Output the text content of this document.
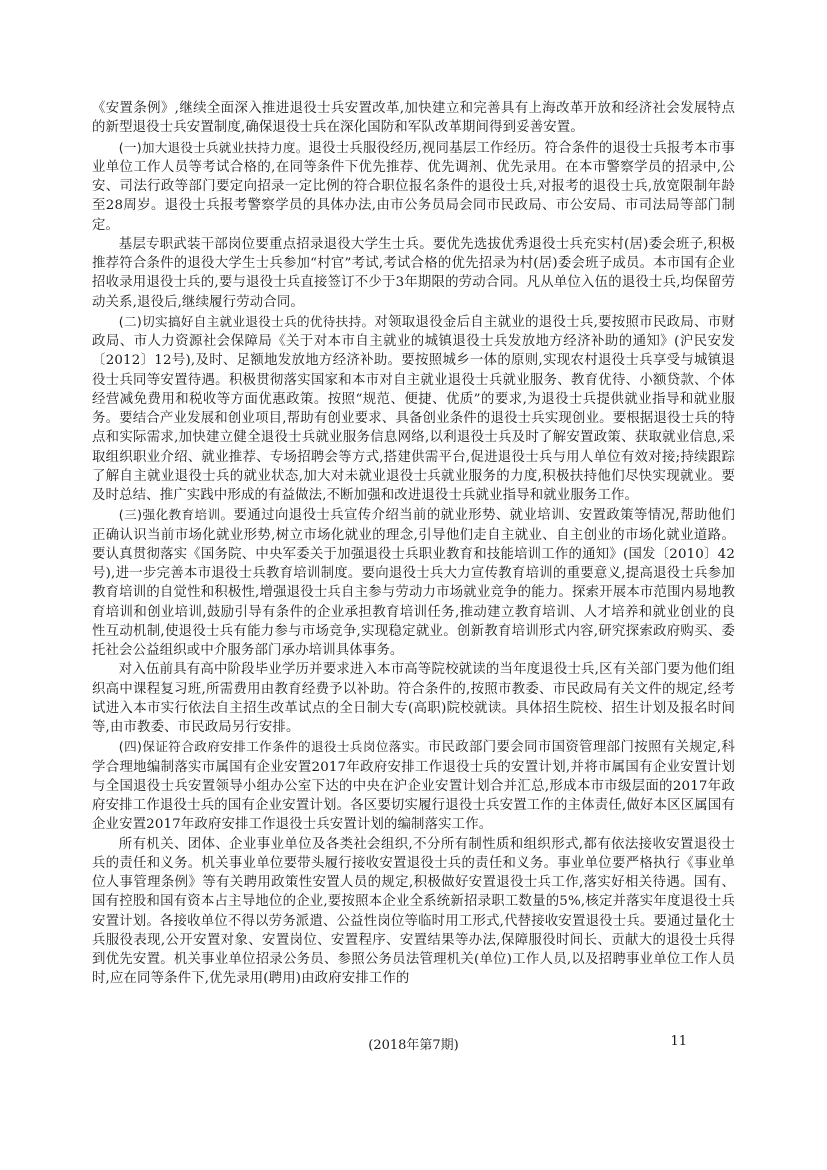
《安置条例》,继续全面深入推进退役士兵安置改革,加快建立和完善具有上海改革开放和经济社会发展特点的新型退役士兵安置制度,确保退役士兵在深化国防和军队改革期间得到妥善安置。

(一)加大退役士兵就业扶持力度。退役士兵服役经历,视同基层工作经历。符合条件的退役士兵报考本市事业单位工作人员等考试合格的,在同等条件下优先推荐、优先调剂、优先录用。在本市警察学员的招录中,公安、司法行政等部门要定向招录一定比例的符合职位报名条件的退役士兵,对报考的退役士兵,放宽限制年龄至28周岁。退役士兵报考警察学员的具体办法,由市公务员局会同市民政局、市公安局、市司法局等部门制定。

基层专职武装干部岗位要重点招录退役大学生士兵。要优先选拔优秀退役士兵充实村(居)委会班子,积极推荐符合条件的退役大学生士兵参加“村官”考试,考试合格的优先招录为村(居)委会班子成员。本市国有企业招收录用退役士兵的,要与退役士兵直接签订不少于3年期限的劳动合同。凡从单位入伍的退役士兵,均保留劳动关系,退役后,继续履行劳动合同。

(二)切实搞好自主就业退役士兵的优待扶持。对领取退役金后自主就业的退役士兵,要按照市民政局、市财政局、市人力资源社会保障局《关于对本市自主就业的城镇退役士兵发放地方经济补助的通知》(沪民安发〔2012〕12号),及时、足额地发放地方经济补助。要按照城乡一体的原则,实现农村退役士兵享受与城镇退役士兵同等安置待遇。积极贯彻落实国家和本市对自主就业退役士兵就业服务、教育优待、小额贷款、个体经营减免费用和税收等方面优惠政策。按照“规范、便捷、优质”的要求,为退役士兵提供就业指导和就业服务。要结合产业发展和创业项目,帮助有创业要求、具备创业条件的退役士兵实现创业。要根据退役士兵的特点和实际需求,加快建立健全退役士兵就业服务信息网络,以利退役士兵及时了解安置政策、获取就业信息,采取组织职业介绍、就业推荐、专场招聘会等方式,搭建供需平台,促进退役士兵与用人单位有效对接;持续跟踪了解自主就业退役士兵的就业状态,加大对未就业退役士兵就业服务的力度,积极扶持他们尽快实现就业。要及时总结、推广实践中形成的有益做法,不断加强和改进退役士兵就业指导和就业服务工作。

(三)强化教育培训。要通过向退役士兵宣传介绍当前的就业形势、就业培训、安置政策等情况,帮助他们正确认识当前市场化就业形势,树立市场化就业的理念,引导他们走自主就业、自主创业的市场化就业道路。要认真贯彻落实《国务院、中央军委关于加强退役士兵职业教育和技能培训工作的通知》(国发〔2010〕42号),进一步完善本市退役士兵教育培训制度。要向退役士兵大力宣传教育培训的重要意义,提高退役士兵参加教育培训的自觉性和积极性,增强退役士兵自主参与劳动力市场就业竞争的能力。探索开展本市范围内易地教育培训和创业培训,鼓励引导有条件的企业承担教育培训任务,推动建立教育培训、人才培养和就业创业的良性互动机制,使退役士兵有能力参与市场竞争,实现稳定就业。创新教育培训形式内容,研究探索政府购买、委托社会公益组织或中介服务部门承办培训具体事务。

对入伍前具有高中阶段毕业学历并要求进入本市高等院校就读的当年度退役士兵,区有关部门要为他们组织高中课程复习班,所需费用由教育经费予以补助。符合条件的,按照市教委、市民政局有关文件的规定,经考试进入本市实行依法自主招生改革试点的全日制大专(高职)院校就读。具体招生院校、招生计划及报名时间等,由市教委、市民政局另行安排。

(四)保证符合政府安排工作条件的退役士兵岗位落实。市民政部门要会同市国资管理部门按照有关规定,科学合理地编制落实市属国有企业安置2017年政府安排工作退役士兵的安置计划,并将市属国有企业安置计划与全国退役士兵安置领导小组办公室下达的中央在沪企业安置计划合并汇总,形成本市市级层面的2017年政府安排工作退役士兵的国有企业安置计划。各区要切实履行退役士兵安置工作的主体责任,做好本区区属国有企业安置2017年政府安排工作退役士兵安置计划的编制落实工作。

所有机关、团体、企业事业单位及各类社会组织,不分所有制性质和组织形式,都有依法接收安置退役士兵的责任和义务。机关事业单位要带头履行接收安置退役士兵的责任和义务。事业单位要严格执行《事业单位人事管理条例》等有关聘用政策性安置人员的规定,积极做好安置退役士兵工作,落实好相关待遇。国有、国有控股和国有资本占主导地位的企业,要按照本企业全系统新招录职工数量的5%,核定并落实年度退役士兵安置计划。各接收单位不得以劳务派遣、公益性岗位等临时用工形式,代替接收安置退役士兵。要通过量化士兵服役表现,公开安置对象、安置岗位、安置程序、安置结果等办法,保障服役时间长、贡献大的退役士兵得到优先安置。机关事业单位招录公务员、参照公务员法管理机关(单位)工作人员,以及招聘事业单位工作人员时,应在同等条件下,优先录用(聘用)由政府安排工作的

(2018年第7期)	11
